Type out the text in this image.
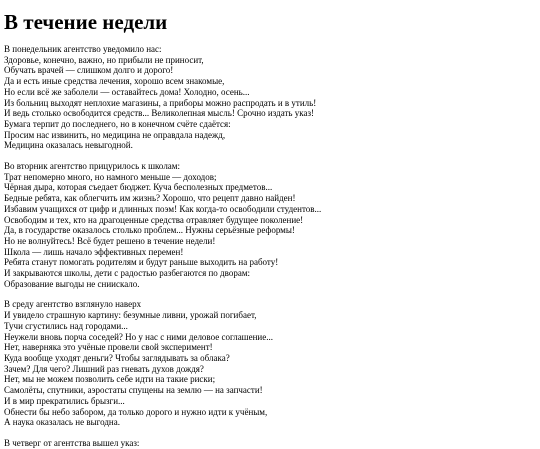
В течение недели

В понедельник агентство уведомило нас:
Здоровье, конечно, важно, но прибыли не приносит,
Обучать врачей — слишком долго и дорого!
Да и есть иные средства лечения, хорошо всем знакомые,
Но если всё же заболели — оставайтесь дома! Холодно, осень...
Из больниц выходят неплохие магазины, а приборы можно распродать и в утиль!
И ведь столько освободится средств... Великолепная мысль! Срочно издать указ!
Бумага терпит до последнего, но в конечном счёте сдаётся:
Просим нас извинить, но медицина не оправдала надежд,
Медицина оказалась невыгодной.

Во вторник агентство прицурилось к школам:
Трат непомерно много, но намного меньше — доходов;
Чёрная дыра, которая съедает бюджет. Куча бесполезных предметов...
Бедные ребята, как облегчить им жизнь? Хорошо, что рецепт давно найден!
Избавим учащихся от цифр и длинных поэм! Как когда-то освободили студентов...
Освободим и тех, кто на драгоценные средства отравляет будущее поколение!
Да, в государстве оказалось столько проблем... Нужны серьёзные реформы!
Но не волнуйтесь! Всё будет решено в течение недели!
Школа — лишь начало эффективных перемен!
Ребята станут помогать родителям и будут раньше выходить на работу!
И закрываются школы, дети с радостью разбегаются по дворам:
Образование выгоды не сниискало.

В среду агентство взглянуло наверх
И увидело страшную картину: безумные ливни, урожай погибает,
Тучи сгустились над городами...
Неужели вновь порча соседей? Но у нас с ними деловое соглашение...
Нет, наверняка это учёные провели свой эксперимент!
Куда вообще уходят деньги? Чтобы заглядывать за облака?
Зачем? Для чего? Лишний раз гневать духов дождя?
Нет, мы не можем позволить себе идти на такие риски;
Самолёты, спутники, аэростаты спущены на землю — на запчасти!
И в мир прекратились брызги...
Обнести бы небо забором, да только дорого и нужно идти к учёным,
А наука оказалась не выгодна.

В четверг от агентства вышел указ:
